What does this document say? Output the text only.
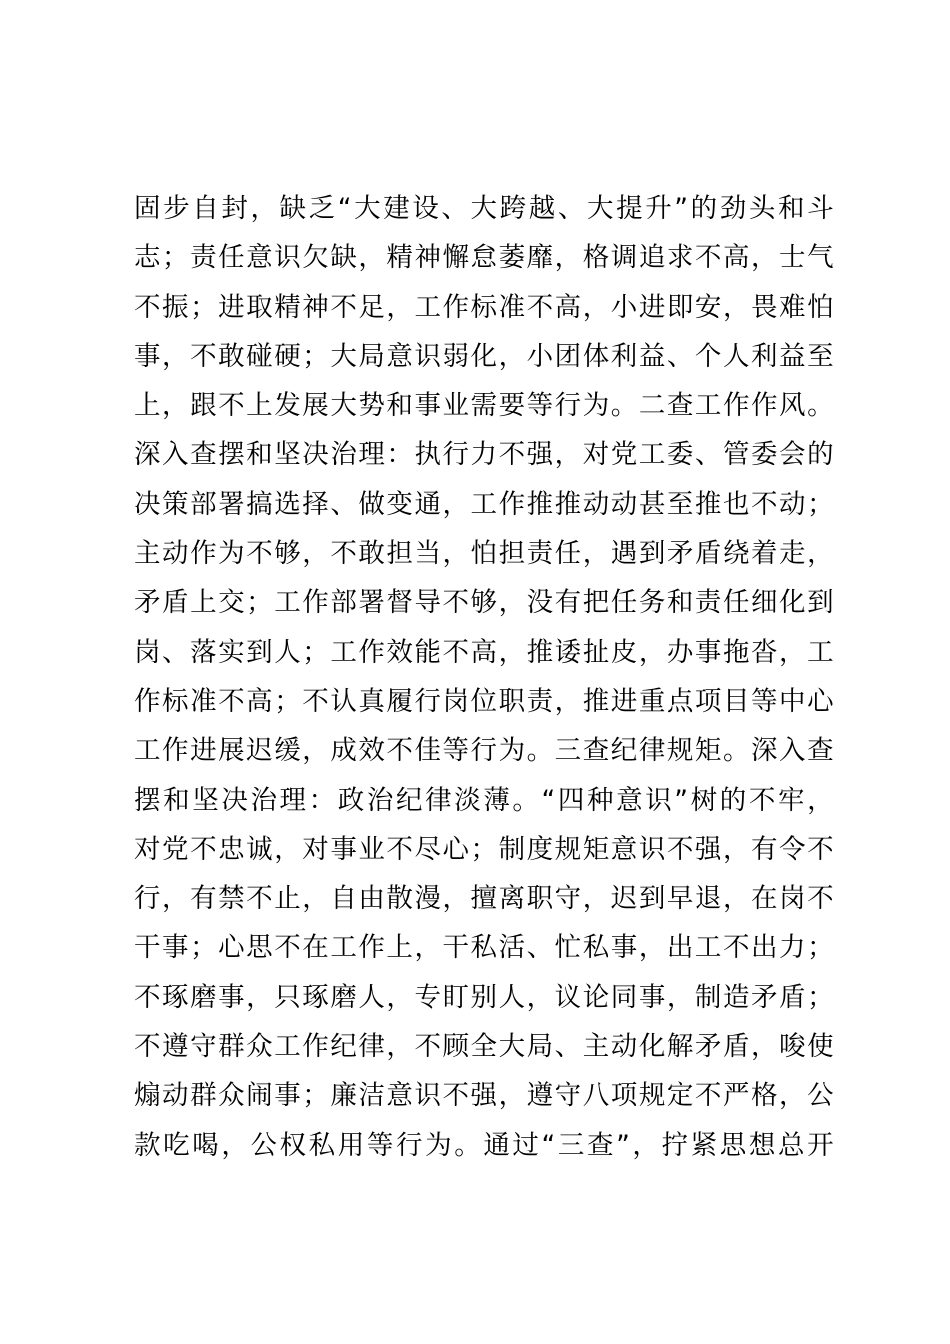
固步自封，缺乏“大建设、大跨越、大提升”的劲头和斗
志；责任意识欠缺，精神懈怠萎靡，格调追求不高，士气
不振；进取精神不足，工作标准不高，小进即安，畏难怕
事，不敢碰硬；大局意识弱化，小团体利益、个人利益至
上，跟不上发展大势和事业需要等行为。二查工作作风。
深入查摆和坚决治理：执行力不强，对党工委、管委会的
决策部署搞选择、做变通，工作推推动动甚至推也不动；
主动作为不够，不敢担当，怕担责任，遇到矛盾绕着走，
矛盾上交；工作部署督导不够，没有把任务和责任细化到
岗、落实到人；工作效能不高，推诿扯皮，办事拖沓，工
作标准不高；不认真履行岗位职责，推进重点项目等中心
工作进展迟缓，成效不佳等行为。三查纪律规矩。深入查
摆和坚决治理：政治纪律淡薄。“四种意识”树的不牢，
对党不忠诚，对事业不尽心；制度规矩意识不强，有令不
行，有禁不止，自由散漫，擅离职守，迟到早退，在岗不
干事；心思不在工作上，干私活、忙私事，出工不出力；
不琢磨事，只琢磨人，专盯别人，议论同事，制造矛盾；
不遵守群众工作纪律，不顾全大局、主动化解矛盾，唆使
煽动群众闹事；廉洁意识不强，遵守八项规定不严格，公
款吃喝，公权私用等行为。通过“三查”，拧紧思想总开
